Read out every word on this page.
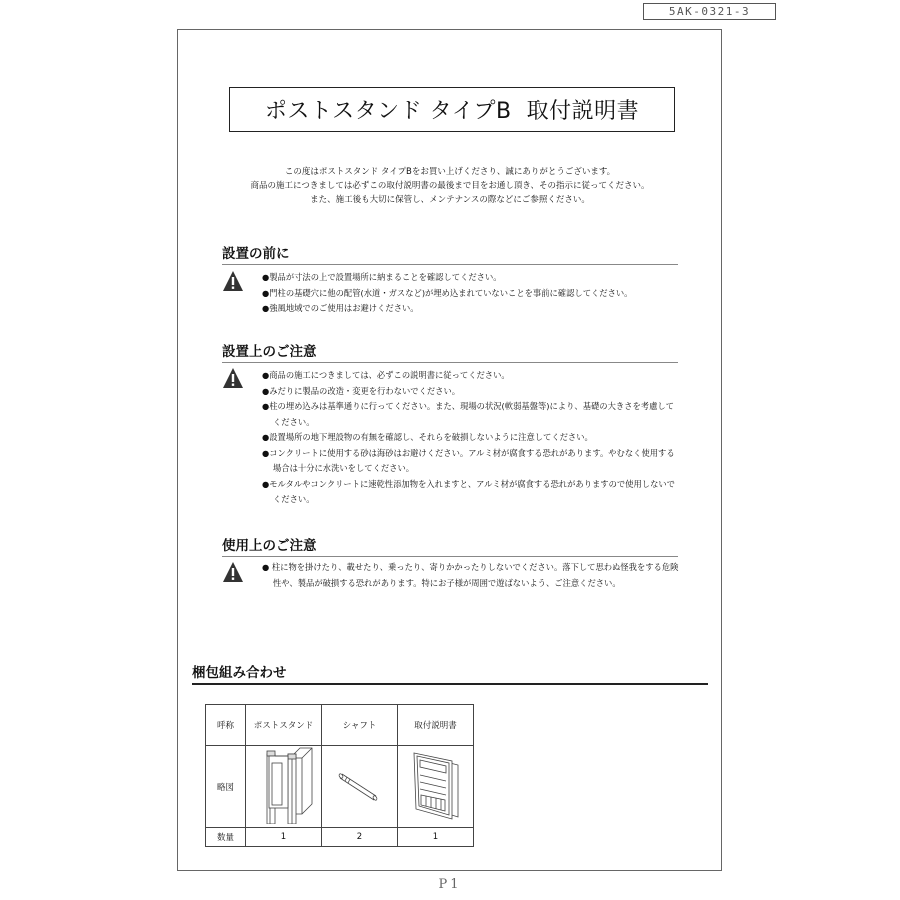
5AK-0321-3
ポストスタンド タイプB  取付説明書
この度はポストスタンド タイプBをお買い上げくださり、誠にありがとうございます。
商品の施工につきましては必ずこの取付説明書の最後まで目をお通し頂き、その指示に従ってください。
また、施工後も大切に保管し、メンテナンスの際などにご参照ください。
設置の前に
●製品が寸法の上で設置場所に納まることを確認してください。
●門柱の基礎穴に他の配管(水道・ガスなど)が埋め込まれていないことを事前に確認してください。
●強風地域でのご使用はお避けください。
設置上のご注意
●商品の施工につきましては、必ずこの説明書に従ってください。
●みだりに製品の改造・変更を行わないでください。
●柱の埋め込みは基準通りに行ってください。また、現場の状況(軟弱基盤等)により、基礎の大きさを考慮してください。
●設置場所の地下埋設物の有無を確認し、それらを破損しないように注意してください。
●コンクリートに使用する砂は海砂はお避けください。アルミ材が腐食する恐れがあります。やむなく使用する場合は十分に水洗いをしてください。
●モルタルやコンクリートに速乾性添加物を入れますと、アルミ材が腐食する恐れがありますので使用しないでください。
使用上のご注意
● 柱に物を掛けたり、載せたり、乗ったり、寄りかかったりしないでください。落下して思わぬ怪我をする危険性や、製品が破損する恐れがあります。特にお子様が周囲で遊ばないよう、ご注意ください。
梱包組み合わせ
呼称	ポストスタンド	シャフト	取付説明書
略図			
数量	1	2	1
P1
